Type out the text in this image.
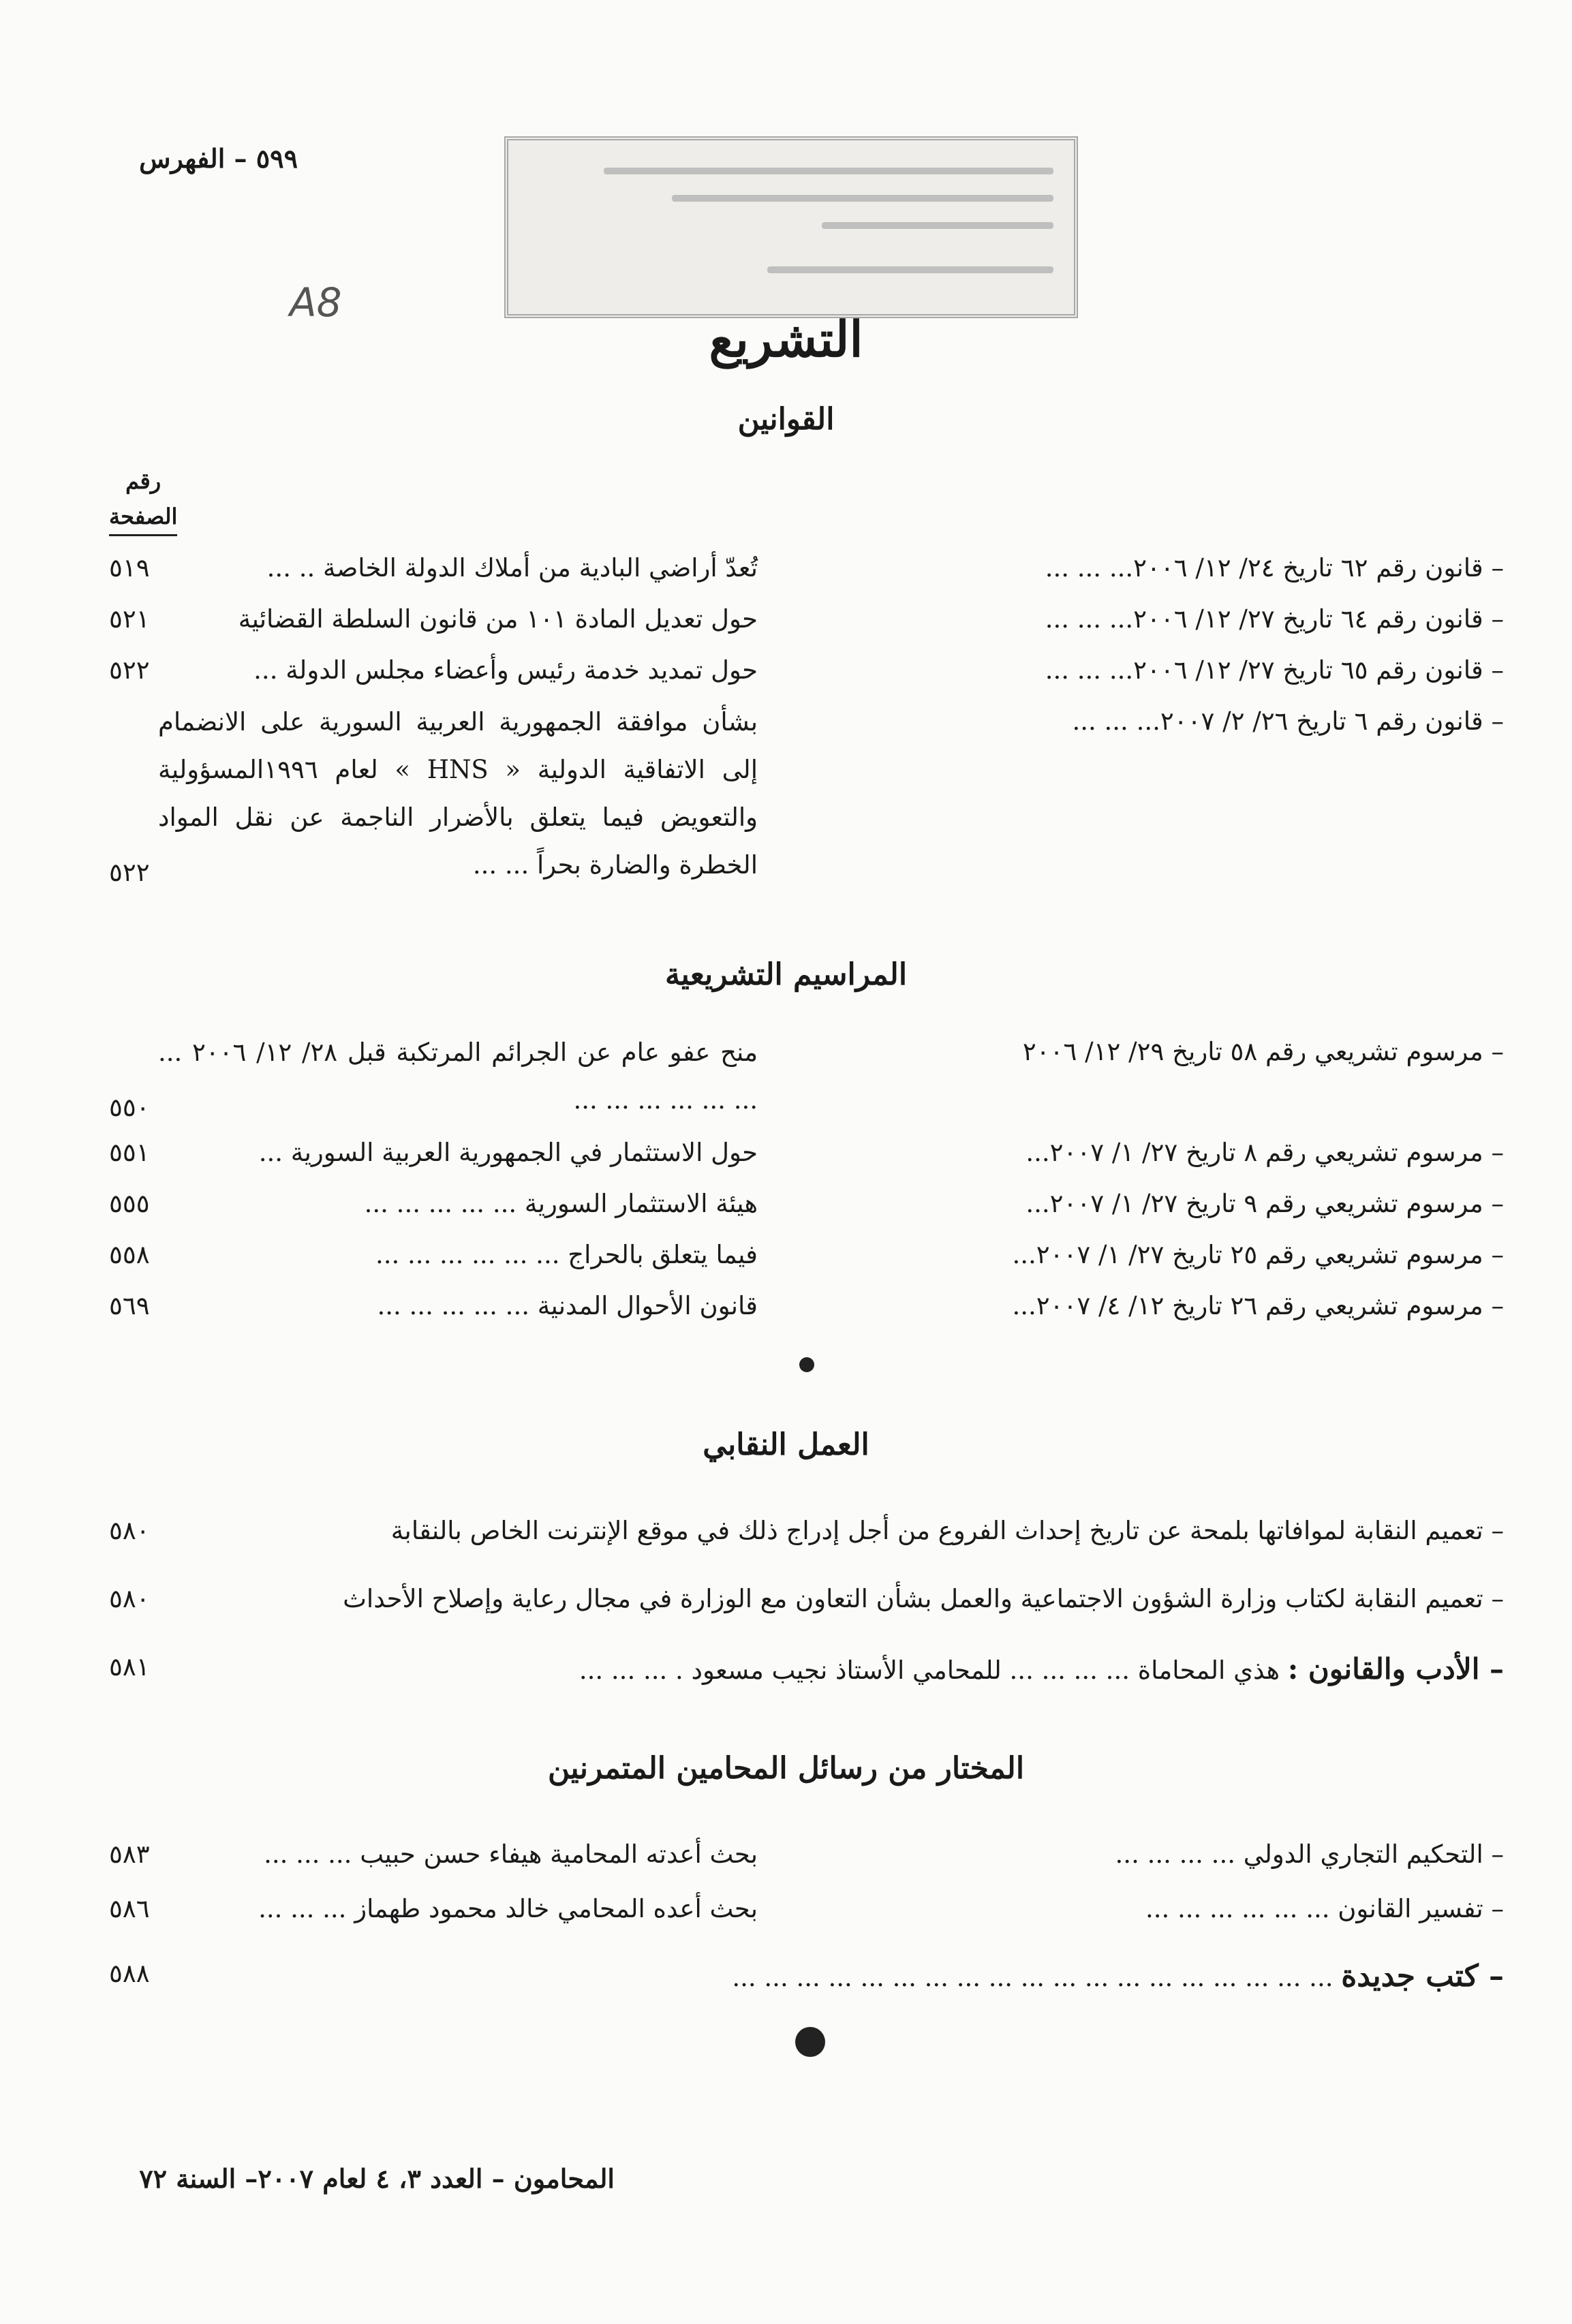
٥٩٩ – الفهرس
A8
التشريع
القوانين
رقم
الصفحة
– قانون رقم ٦٢ تاريخ ٢٤/ ١٢/ ٢٠٠٦... ... ...
تُعدّ أراضي البادية من أملاك الدولة الخاصة .. ...
٥١٩
– قانون رقم ٦٤ تاريخ ٢٧/ ١٢/ ٢٠٠٦... ... ...
حول تعديل المادة ١٠١ من قانون السلطة القضائية
٥٢١
– قانون رقم ٦٥ تاريخ ٢٧/ ١٢/ ٢٠٠٦... ... ...
حول تمديد خدمة رئيس وأعضاء مجلس الدولة ...
٥٢٢
– قانون رقم ٦ تاريخ ٢٦/ ٢/ ٢٠٠٧... ... ...
بشأن موافقة الجمهورية العربية السورية على الانضمام إلى الاتفاقية الدولية « HNS » لعام ١٩٩٦المسؤولية والتعويض فيما يتعلق بالأضرار الناجمة عن نقل المواد الخطرة والضارة بحراً ... ...
٥٢٢
المراسيم التشريعية
– مرسوم تشريعي رقم ٥٨ تاريخ ٢٩/ ١٢/ ٢٠٠٦
منح عفو عام عن الجرائم المرتكبة قبل ٢٨/ ١٢/ ٢٠٠٦ ... ... ... ... ... ... ...
٥٥٠
– مرسوم تشريعي رقم ٨ تاريخ ٢٧/ ١/ ٢٠٠٧...
حول الاستثمار في الجمهورية العربية السورية ...
٥٥١
– مرسوم تشريعي رقم ٩ تاريخ ٢٧/ ١/ ٢٠٠٧...
هيئة الاستثمار السورية ... ... ... ... ...
٥٥٥
– مرسوم تشريعي رقم ٢٥ تاريخ ٢٧/ ١/ ٢٠٠٧...
فيما يتعلق بالحراج ... ... ... ... ... ...
٥٥٨
– مرسوم تشريعي رقم ٢٦ تاريخ ١٢/ ٤/ ٢٠٠٧...
قانون الأحوال المدنية ... ... ... ... ...
٥٦٩
العمل النقابي
– تعميم النقابة لموافاتها بلمحة عن تاريخ إحداث الفروع من أجل إدراج ذلك في موقع الإنترنت الخاص بالنقابة
٥٨٠
– تعميم النقابة لكتاب وزارة الشؤون الاجتماعية والعمل بشأن التعاون مع الوزارة في مجال رعاية وإصلاح الأحداث
٥٨٠
– الأدب والقانون : هذي المحاماة ... ... ... ... للمحامي الأستاذ نجيب مسعود . ... ... ...
٥٨١
المختار من رسائل المحامين المتمرنين
– التحكيم التجاري الدولي ... ... ... ...
بحث أعدته المحامية هيفاء حسن حبيب ... ... ...
٥٨٣
– تفسير القانون ... ... ... ... ... ...
بحث أعده المحامي خالد محمود طهماز ... ... ...
٥٨٦
– كتب جديدة ... ... ... ... ... ... ... ... ... ... ... ... ... ... ... ... ... ... ...
٥٨٨
المحامون – العدد ٣، ٤ لعام ٢٠٠٧– السنة ٧٢
